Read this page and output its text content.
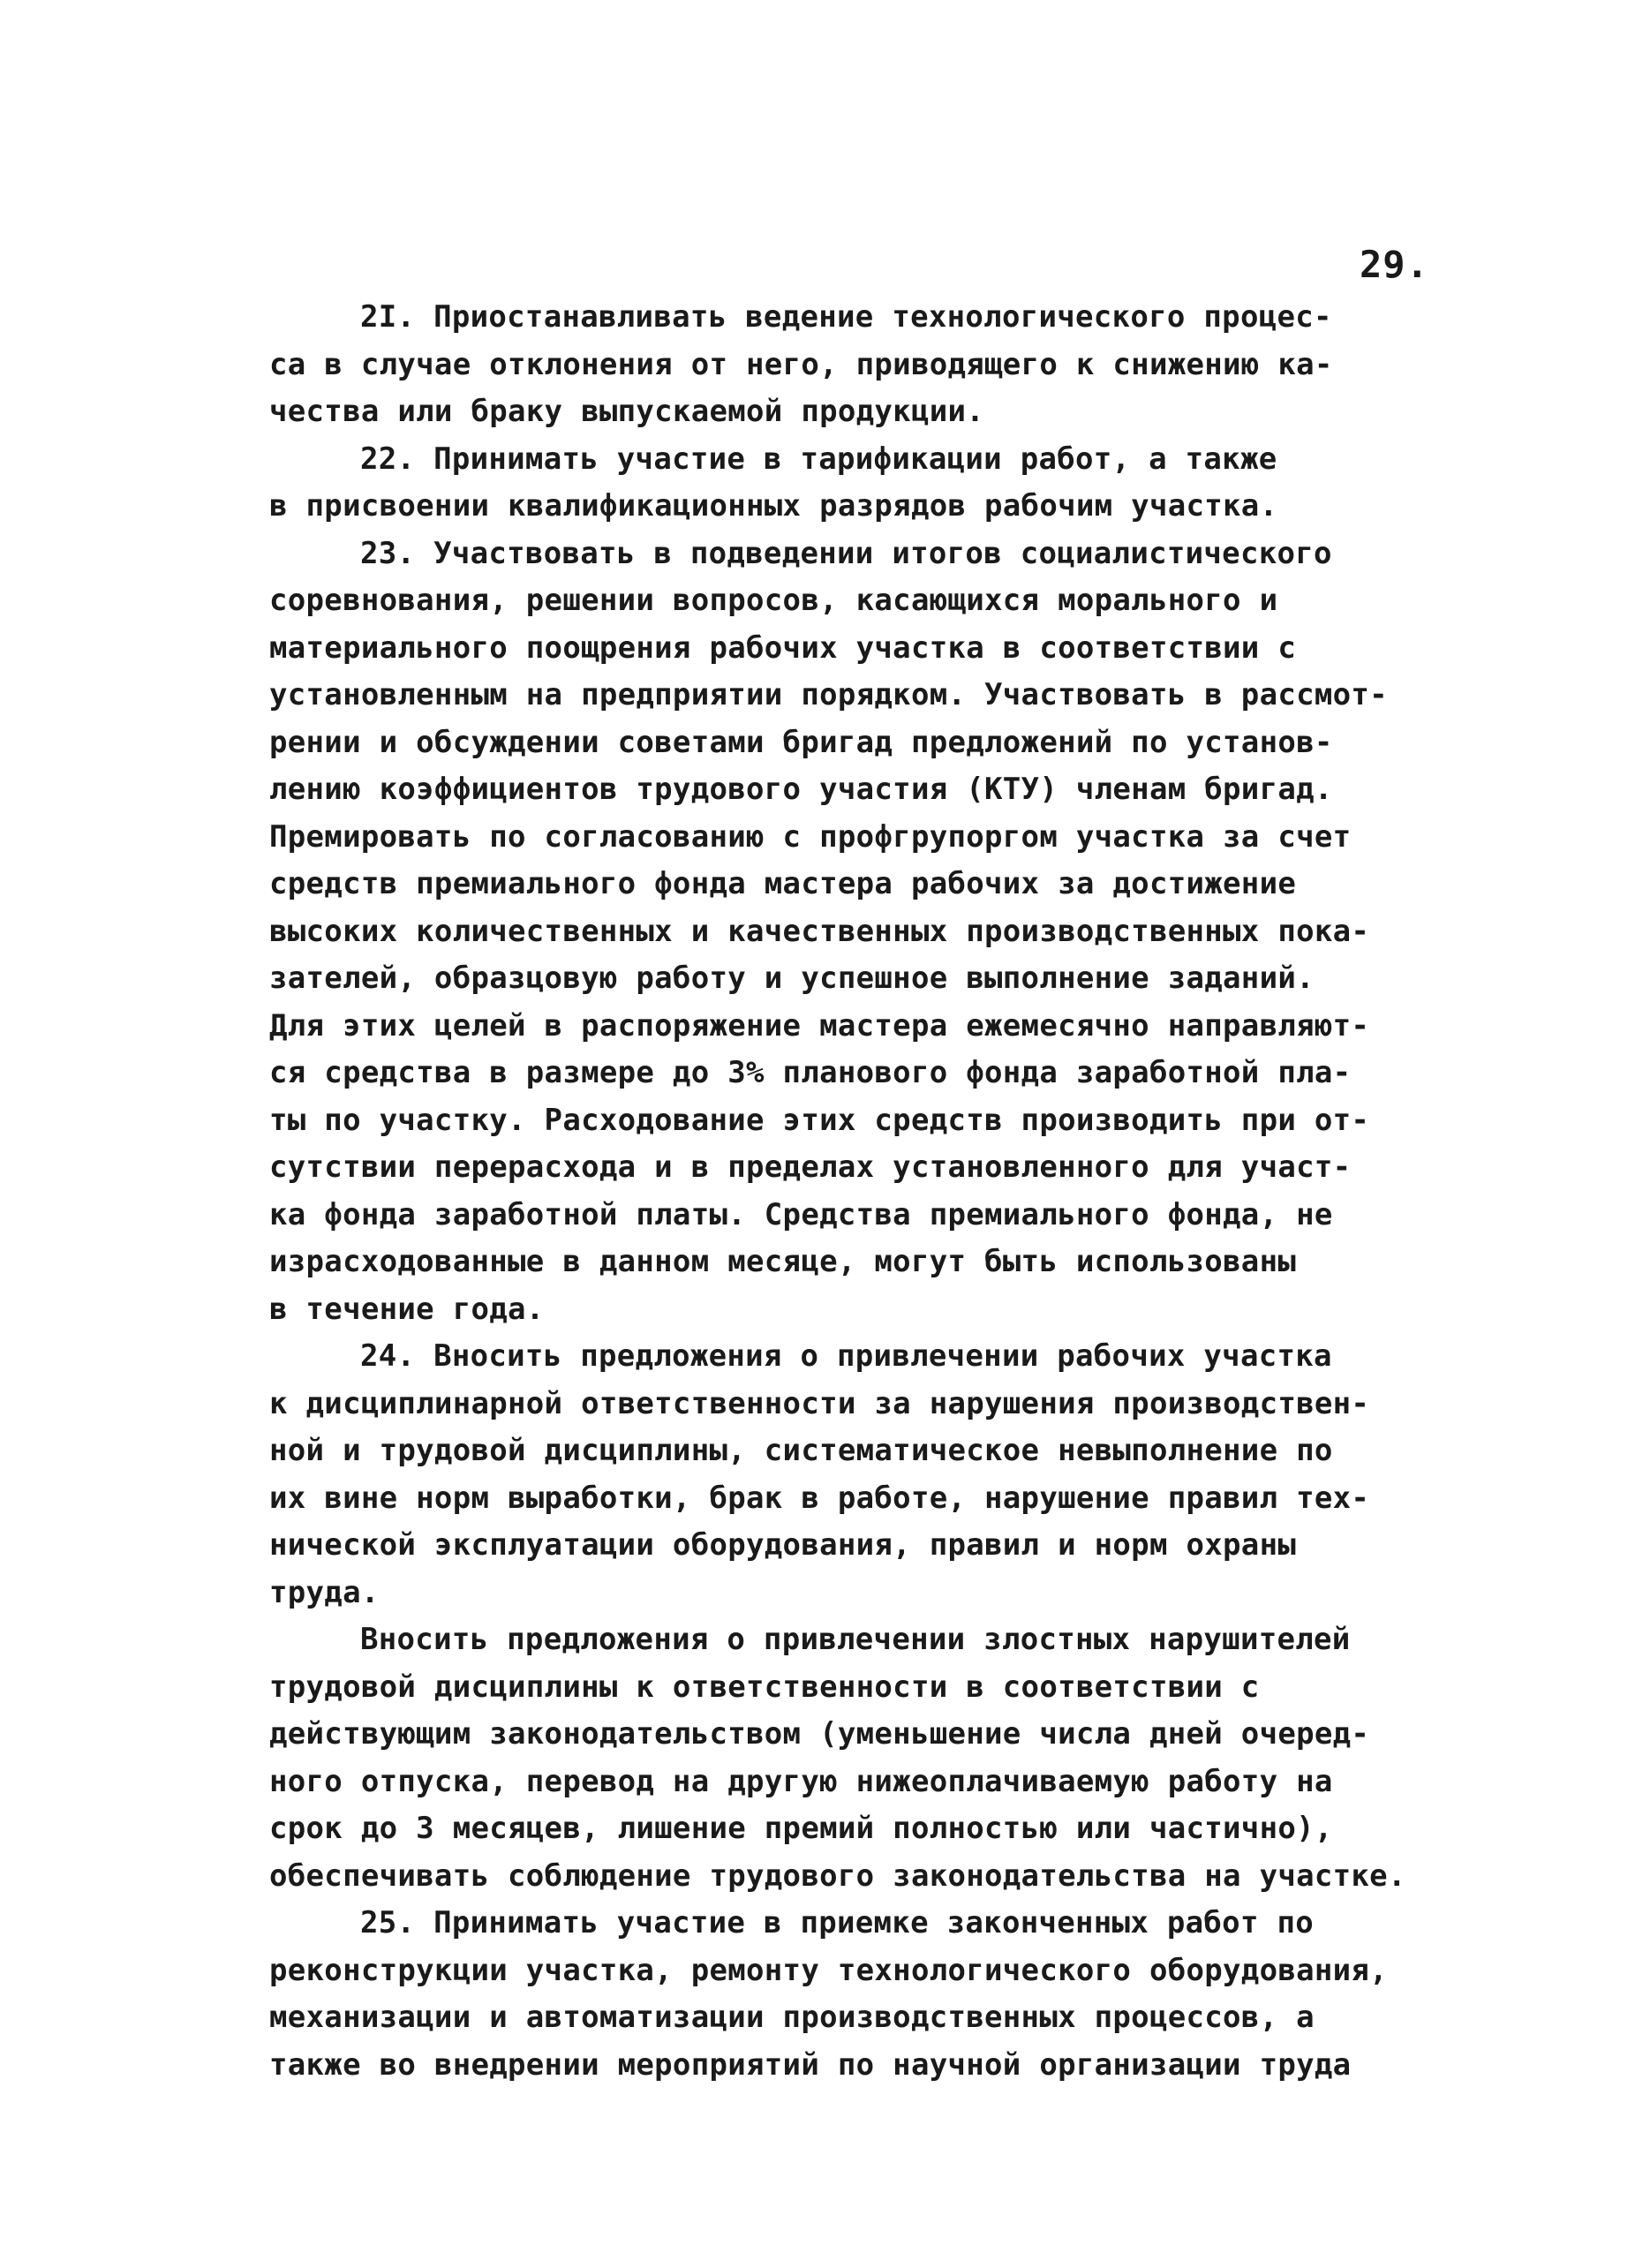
29.
2I. Приостанавливать ведение технологического процес-
са в случае отклонения от него, приводящего к снижению ка-
чества или браку выпускаемой продукции.
22. Принимать участие в тарификации работ, а также
в присвоении квалификационных разрядов рабочим участка.
23. Участвовать в подведении итогов социалистического
соревнования, решении вопросов, касающихся морального и
материального поощрения рабочих участка в соответствии с
установленным на предприятии порядком. Участвовать в рассмот-
рении и обсуждении советами бригад предложений по установ-
лению коэффициентов трудового участия (КТУ) членам бригад.
Премировать по согласованию с профгрупоргом участка за счет
средств премиального фонда мастера рабочих за достижение
высоких количественных и качественных производственных пока-
зателей, образцовую работу и успешное выполнение заданий.
Для этих целей в распоряжение мастера ежемесячно направляют-
ся средства в размере до 3% планового фонда заработной пла-
ты по участку. Расходование этих средств производить при от-
сутствии перерасхода и в пределах установленного для участ-
ка фонда заработной платы. Средства премиального фонда, не
израсходованные в данном месяце, могут быть использованы
в течение года.
24. Вносить предложения о привлечении рабочих участка
к дисциплинарной ответственности за нарушения производствен-
ной и трудовой дисциплины, систематическое невыполнение по
их вине норм выработки, брак в работе, нарушение правил тех-
нической эксплуатации оборудования, правил и норм охраны
труда.
Вносить предложения о привлечении злостных нарушителей
трудовой дисциплины к ответственности в соответствии с
действующим законодательством (уменьшение числа дней очеред-
ного отпуска, перевод на другую нижеоплачиваемую работу на
срок до 3 месяцев, лишение премий полностью или частично),
обеспечивать соблюдение трудового законодательства на участке.
25. Принимать участие в приемке законченных работ по
реконструкции участка, ремонту технологического оборудования,
механизации и автоматизации производственных процессов, а
также во внедрении мероприятий по научной организации труда
